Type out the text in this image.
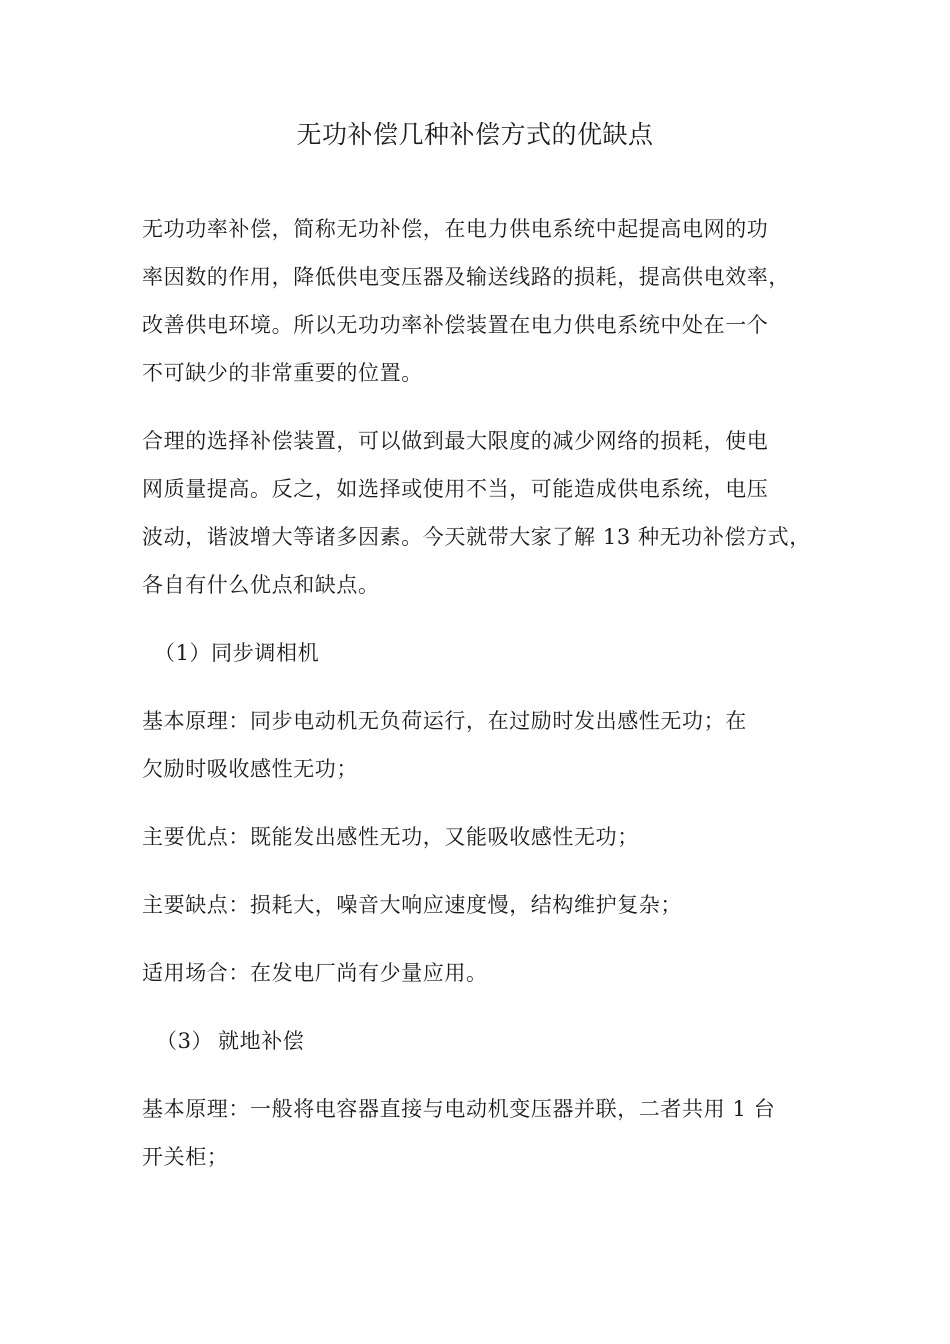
无功补偿几种补偿方式的优缺点
无功功率补偿，简称无功补偿，在电力供电系统中起提高电网的功
率因数的作用，降低供电变压器及输送线路的损耗，提高供电效率，
改善供电环境。所以无功功率补偿装置在电力供电系统中处在一个
不可缺少的非常重要的位置。
合理的选择补偿装置，可以做到最大限度的减少网络的损耗，使电
网质量提高。反之，如选择或使用不当，可能造成供电系统，电压
波动，谐波增大等诸多因素。今天就带大家了解 13 种无功补偿方式，
各自有什么优点和缺点。
（1）同步调相机
基本原理：同步电动机无负荷运行，在过励时发出感性无功；在
欠励时吸收感性无功；
主要优点：既能发出感性无功，又能吸收感性无功；
主要缺点：损耗大，噪音大响应速度慢，结构维护复杂；
适用场合：在发电厂尚有少量应用。
（3） 就地补偿
基本原理：一般将电容器直接与电动机变压器并联，二者共用 1 台
开关柜；
